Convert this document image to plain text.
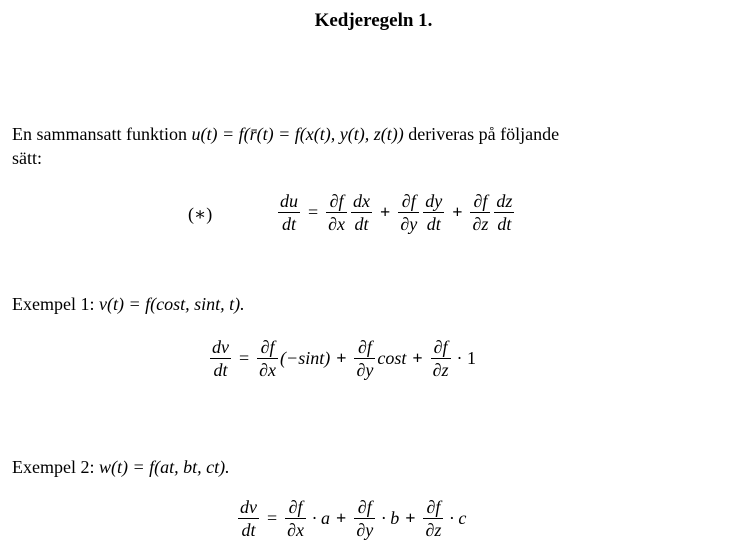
Kedjeregeln 1.
En sammansatt funktion u(t) = f(r̄(t) = f(x(t), y(t), z(t)) deriveras på följande
sätt:
(∗)	$\frac{du}{dt} = \frac{\partial f}{\partial x} \frac{dx}{dt} + \frac{\partial f}{\partial y} \frac{dy}{dt} + \frac{\partial f}{\partial z} \frac{dz}{dt}$
Exempel 1: v(t) = f(cost, sint, t).
$\frac{dv}{dt} = \frac{\partial f}{\partial x} (-\sin t) + \frac{\partial f}{\partial y}$ $\cos t + \frac{\partial f}{\partial z} \cdot 1$
Exempel 2: w(t) = f(at, bt, ct).
$\frac{dv}{dt} = \frac{\partial f}{\partial x} \cdot a + \frac{\partial f}{\partial y} \cdot b + \frac{\partial f}{\partial z} \cdot c$
